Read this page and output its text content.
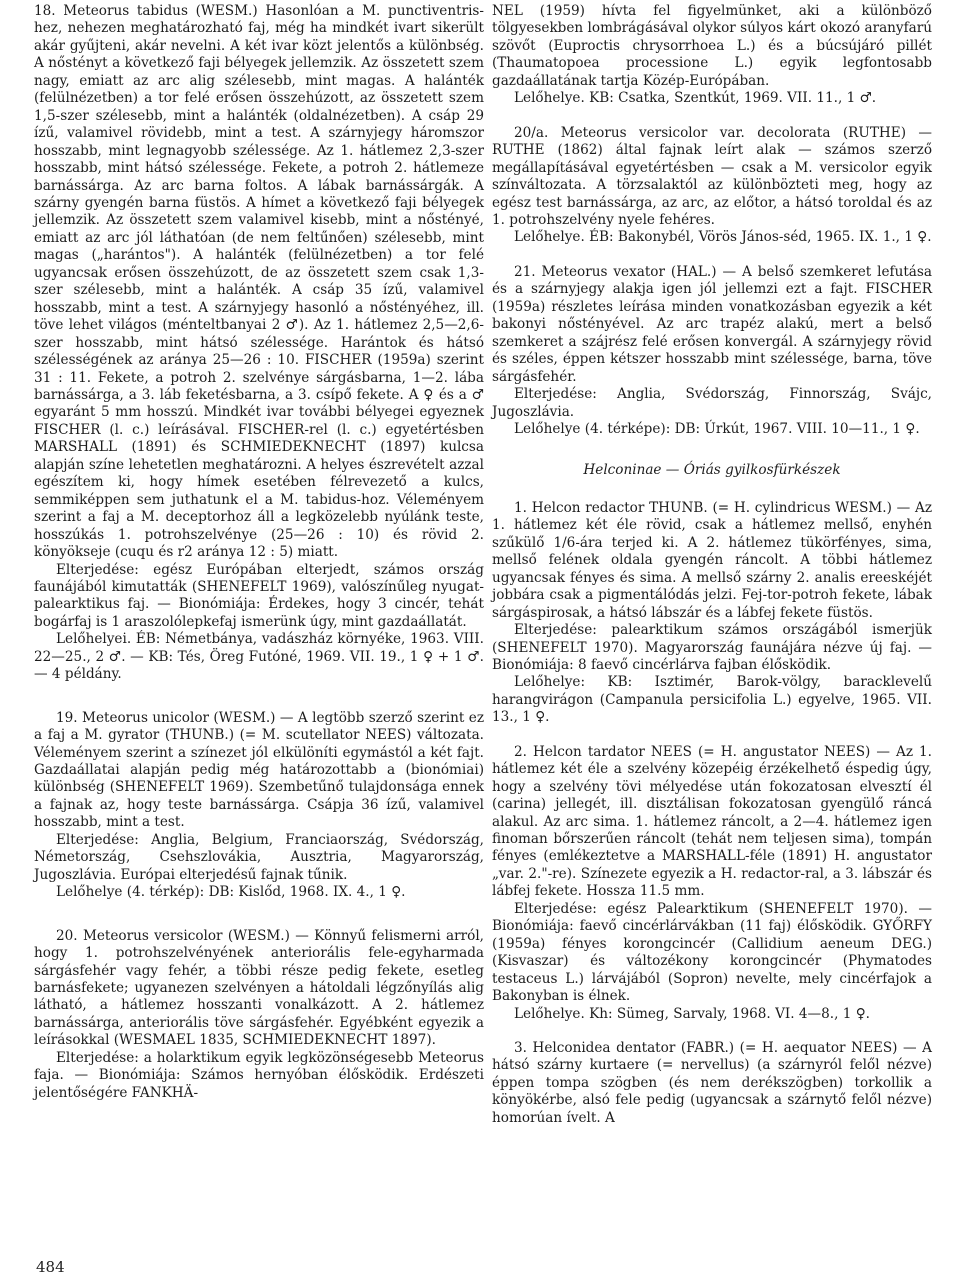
18. Meteorus tabidus (WESM.) Hasonlóan a M. punctiventris-hez, nehezen meghatározható faj, még ha mindkét ivart sikerült akár gyűjteni, akár nevelni. A két ivar közt jelentős a különbség. A nőstényt a következő faji bélyegek jellemzik. Az összetett szem nagy, emiatt az arc alig szélesebb, mint magas. A halánték (felülnézetben) a tor felé erősen összehúzott, az összetett szem 1,5-szer szélesebb, mint a halánték (oldalnézetben). A csáp 29 ízű, valamivel rövidebb, mint a test. A szárnyjegy háromszor hosszabb, mint legnagyobb szélessége. Az 1. hátlemez 2,3-szer hosszabb, mint hátsó szélessége. Fekete, a potroh 2. hátlemeze barnássárga. Az arc barna foltos. A lábak barnássárgák. A szárny gyengén barna füstös. A hímet a következő faji bélyegek jellemzik. Az összetett szem valamivel kisebb, mint a nőstényé, emiatt az arc jól láthatóan (de nem feltűnően) szélesebb, mint magas („harántos"). A halánték (felülnézetben) a tor felé ugyancsak erősen összehúzott, de az összetett szem csak 1,3-szer szélesebb, mint a halánték. A csáp 35 ízű, valamivel hosszabb, mint a test. A szárnyjegy hasonló a nőstényéhez, ill. töve lehet világos (ménteltbanyai 2 ♂). Az 1. hátlemez 2,5—2,6-szer hosszabb, mint hátsó szélessége. Harántok és hátsó szélességének az aránya 25—26 : 10. FISCHER (1959a) szerint 31 : 11. Fekete, a potroh 2. szelvénye sárgásbarna, 1—2. lába barnássárga, a 3. láb feketésbarna, a 3. csípő fekete. A ♀ és a ♂ egyaránt 5 mm hosszú. Mindkét ivar további bélyegei egyeznek FISCHER (l. c.) leírásával. FISCHER-rel (l. c.) egyetértésben MARSHALL (1891) és SCHMIEDEKNECHT (1897) kulcsa alapján színe lehetetlen meghatározni. A helyes észrevételt azzal egészítem ki, hogy hímek esetében félrevezető a kulcs, semmiképpen sem juthatunk el a M. tabidus-hoz. Véleményem szerint a faj a M. deceptorhoz áll a legközelebb nyúlánk teste, hosszúkás 1. potrohszelvénye (25—26 : 10) és rövid 2. könyökseje (cuqu és r2 aránya 12 : 5) miatt.

Elterjedése: egész Európában elterjedt, számos ország faunájából kimutatták (SHENEFELT 1969), valószínűleg nyugat-palearktikus faj. — Bionómiája: Érdekes, hogy 3 cincér, tehát bogárfaj is 1 araszolólepkefaj ismerünk úgy, mint gazdaállatát.

Lelőhelyei. ÉB: Németbánya, vadászház környéke, 1963. VIII. 22—25., 2 ♂. — KB: Tés, Öreg Futóné, 1969. VII. 19., 1 ♀ + 1 ♂. — 4 példány.

19. Meteorus unicolor (WESM.) — A legtöbb szerző szerint ez a faj a M. gyrator (THUNB.) (= M. scutellator NEES) változata. Véleményem szerint a színezet jól elkülöníti egymástól a két fajt. Gazdaállatai alapján pedig még határozottabb a (bionómiai) különbség (SHENEFELT 1969). Szembetűnő tulajdonsága ennek a fajnak az, hogy teste barnássárga. Csápja 36 ízű, valamivel hosszabb, mint a test.

Elterjedése: Anglia, Belgium, Franciaország, Svédország, Németország, Csehszlovákia, Ausztria, Magyarország, Jugoszlávia. Európai elterjedésű fajnak tűnik.

Lelőhelye (4. térkép): DB: Kislőd, 1968. IX. 4., 1 ♀.

20. Meteorus versicolor (WESM.) — Könnyű felismerni arról, hogy 1. potrohszelvényének anteriorális fele-egyharmada sárgásfehér vagy fehér, a többi része pedig fekete, esetleg barnásfekete; ugyanezen szelvényen a hátoldali légzőnyílás alig látható, a hátlemez hosszanti vonalkázott. A 2. hátlemez barnássárga, anteriorális töve sárgásfehér. Egyébként egyezik a leírásokkal (WESMAEL 1835, SCHMIEDEKNECHT 1897).

Elterjedése: a holarktikum egyik legközönségesebb Meteorus faja. — Bionómiája: Számos hernyóban élősködik. Erdészeti jelentőségére FANKHÄ-

NEL (1959) hívta fel figyelmünket, aki a különböző tölgyesekben lombrágásával olykor súlyos kárt okozó aranyfarú szövőt (Euproctis chrysorrhoea L.) és a búcsújáró pillét (Thaumatopoea processione L.) egyik legfontosabb gazdaállatának tartja Közép-Európában.

Lelőhelye. KB: Csatka, Szentkút, 1969. VII. 11., 1 ♂.

20/a. Meteorus versicolor var. decolorata (RUTHE) — RUTHE (1862) által fajnak leírt alak — számos szerző megállapításával egyetértésben — csak a M. versicolor egyik színváltozata. A törzsalaktól az különbözteti meg, hogy az egész test barnássárga, az arc, az előtor, a hátsó toroldal és az 1. potrohszelvény nyele fehéres.

Lelőhelye. ÉB: Bakonybél, Vörös János-séd, 1965. IX. 1., 1 ♀.

21. Meteorus vexator (HAL.) — A belső szemkeret lefutása és a szárnyjegy alakja igen jól jellemzi ezt a fajt. FISCHER (1959a) részletes leírása minden vonatkozásban egyezik a két bakonyi nőstényével. Az arc trapéz alakú, mert a belső szemkeret a szájrész felé erősen konvergál. A szárnyjegy rövid és széles, éppen kétszer hosszabb mint szélessége, barna, töve sárgásfehér.

Elterjedése: Anglia, Svédország, Finnország, Svájc, Jugoszlávia.

Lelőhelye (4. térképe): DB: Úrkút, 1967. VIII. 10—11., 1 ♀.

Helconinae — Óriás gyilkosfürkészek

1. Helcon redactor THUNB. (= H. cylindricus WESM.) — Az 1. hátlemez két éle rövid, csak a hátlemez mellső, enyhén szűkülő 1/6-ára terjed ki. A 2. hátlemez tükörfényes, sima, mellső felének oldala gyengén ráncolt. A többi hátlemez ugyancsak fényes és sima. A mellső szárny 2. analis ereeskéjét jobbára csak a pigmentálódás jelzi. Fej-tor-potroh fekete, lábak sárgáspirosak, a hátsó lábszár és a lábfej fekete füstös.

Elterjedése: palearktikum számos országából ismerjük (SHENEFELT 1970). Magyarország faunájára nézve új faj. — Bionómiája: 8 faevő cincérlárva fajban élősködik.

Lelőhelye: KB: Isztimér, Barok-völgy, baracklevelű harangvirágon (Campanula persicifolia L.) egyelve, 1965. VII. 13., 1 ♀.

2. Helcon tardator NEES (= H. angustator NEES) — Az 1. hátlemez két éle a szelvény közepéig érzékelhető éspedig úgy, hogy a szelvény tövi mélyedése után fokozatosan elvesztí él (carina) jellegét, ill. disztálisan fokozatosan gyengülő ráncá alakul. Az arc sima. 1. hátlemez ráncolt, a 2—4. hátlemez igen finoman bőrszerűen ráncolt (tehát nem teljesen sima), tompán fényes (emlékeztetve a MARSHALL-féle (1891) H. angustator „var. 2."-re). Színezete egyezik a H. redactor-ral, a 3. lábszár és lábfej fekete. Hossza 11.5 mm.

Elterjedése: egész Palearktikum (SHENEFELT 1970). — Bionómiája: faevő cincérlárvákban (11 faj) élősködik. GYŐRFY (1959a) fényes korongcincér (Callidium aeneum DEG.) (Kisvaszar) és változékony korongcincér (Phymatodes testaceus L.) lárvájából (Sopron) nevelte, mely cincérfajok a Bakonyban is élnek.

Lelőhelye. Kh: Sümeg, Sarvaly, 1968. VI. 4—8., 1 ♀.

3. Helconidea dentator (FABR.) (= H. aequator NEES) — A hátsó szárny kurtaere (= nervellus) (a szárnyról felől nézve) éppen tompa szögben (és nem derékszögben) torkollik a könyökérbe, alsó fele pedig (ugyancsak a szárnytő felől nézve) homorúan ívelt. A

484
